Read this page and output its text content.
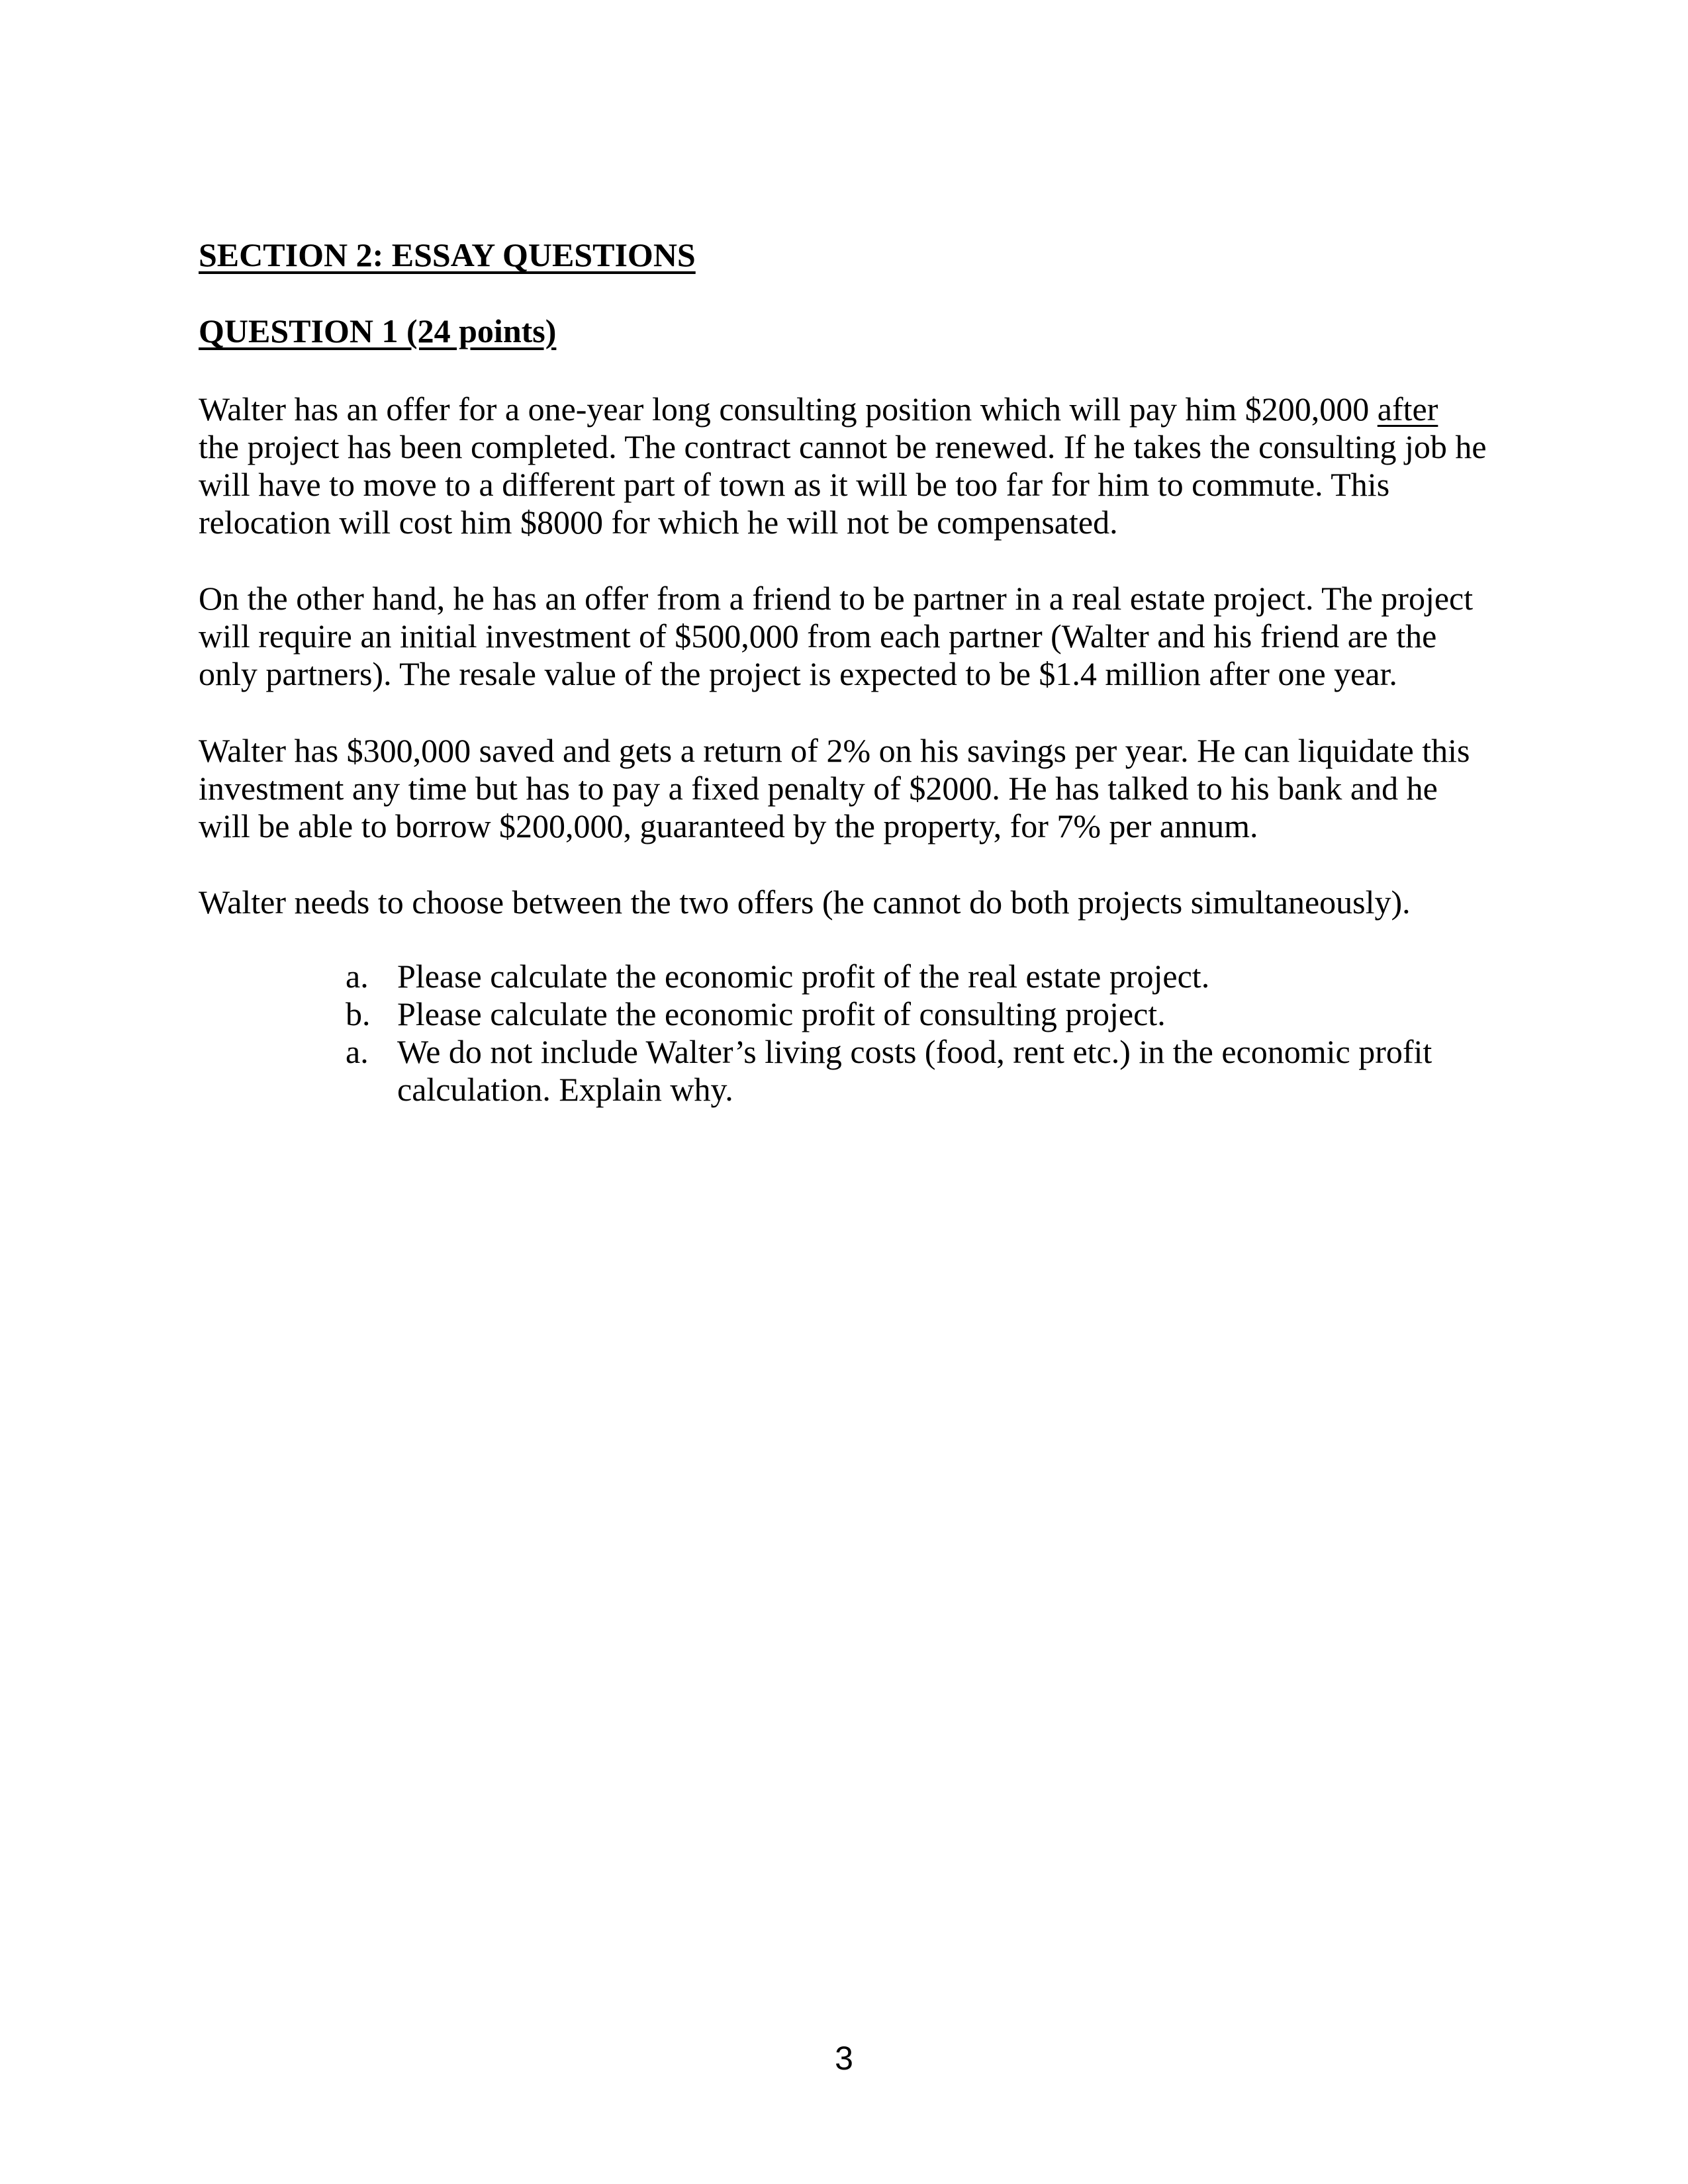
SECTION 2: ESSAY QUESTIONS
QUESTION 1 (24 points)

Walter has an offer for a one-year long consulting position which will pay him $200,000 after
the project has been completed. The contract cannot be renewed. If he takes the consulting job he
will have to move to a different part of town as it will be too far for him to commute. This
relocation will cost him $8000 for which he will not be compensated.

On the other hand, he has an offer from a friend to be partner in a real estate project. The project
will require an initial investment of $500,000 from each partner (Walter and his friend are the
only partners). The resale value of the project is expected to be $1.4 million after one year.

Walter has $300,000 saved and gets a return of 2% on his savings per year. He can liquidate this
investment any time but has to pay a fixed penalty of $2000. He has talked to his bank and he
will be able to borrow $200,000, guaranteed by the property, for 7% per annum.

Walter needs to choose between the two offers (he cannot do both projects simultaneously).

a. Please calculate the economic profit of the real estate project.
b. Please calculate the economic profit of consulting project.
a. We do not include Walter’s living costs (food, rent etc.) in the economic profit
calculation. Explain why.
3
